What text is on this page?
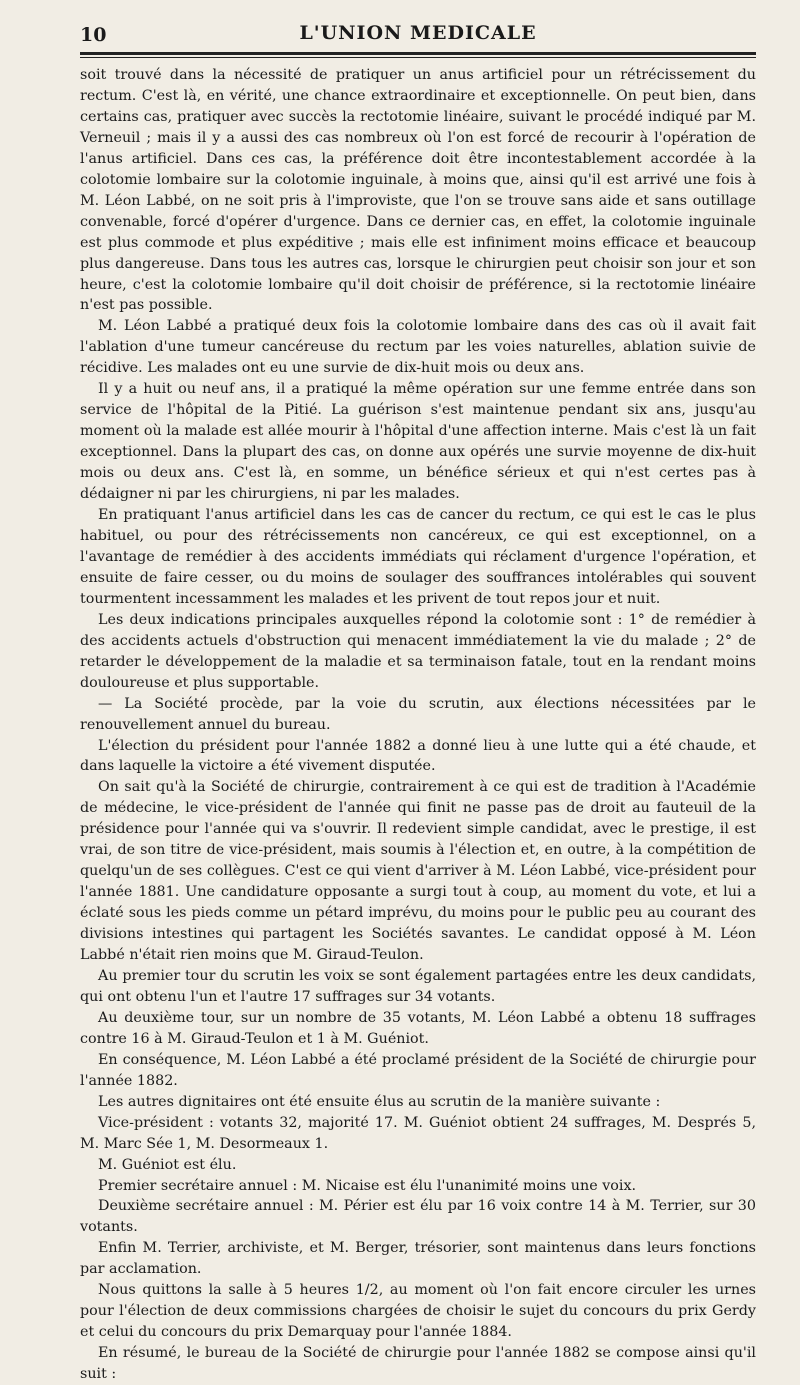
10	L'UNION MEDICALE

soit trouvé dans la nécessité de pratiquer un anus artificiel pour un rétrécissement du rectum. C'est là, en vérité, une chance extraordinaire et exceptionnelle. On peut bien, dans certains cas, pratiquer avec succès la rectotomie linéaire, suivant le procédé indiqué par M. Verneuil ; mais il y a aussi des cas nombreux où l'on est forcé de recourir à l'opération de l'anus artificiel. Dans ces cas, la préférence doit être incontestablement accordée à la colotomie lombaire sur la colotomie inguinale, à moins que, ainsi qu'il est arrivé une fois à M. Léon Labbé, on ne soit pris à l'improviste, que l'on se trouve sans aide et sans outillage convenable, forcé d'opérer d'urgence. Dans ce dernier cas, en effet, la colotomie inguinale est plus commode et plus expéditive ; mais elle est infiniment moins efficace et beaucoup plus dangereuse. Dans tous les autres cas, lorsque le chirurgien peut choisir son jour et son heure, c'est la colotomie lombaire qu'il doit choisir de préférence, si la rectotomie linéaire n'est pas possible.

M. Léon Labbé a pratiqué deux fois la colotomie lombaire dans des cas où il avait fait l'ablation d'une tumeur cancéreuse du rectum par les voies naturelles, ablation suivie de récidive. Les malades ont eu une survie de dix-huit mois ou deux ans.

Il y a huit ou neuf ans, il a pratiqué la même opération sur une femme entrée dans son service de l'hôpital de la Pitié. La guérison s'est maintenue pendant six ans, jusqu'au moment où la malade est allée mourir à l'hôpital d'une affection interne. Mais c'est là un fait exceptionnel. Dans la plupart des cas, on donne aux opérés une survie moyenne de dix-huit mois ou deux ans. C'est là, en somme, un bénéfice sérieux et qui n'est certes pas à dédaigner ni par les chirurgiens, ni par les malades.

En pratiquant l'anus artificiel dans les cas de cancer du rectum, ce qui est le cas le plus habituel, ou pour des rétrécissements non cancéreux, ce qui est exceptionnel, on a l'avantage de remédier à des accidents immédiats qui réclament d'urgence l'opération, et ensuite de faire cesser, ou du moins de soulager des souffrances intolérables qui souvent tourmentent incessamment les malades et les privent de tout repos jour et nuit.

Les deux indications principales auxquelles répond la colotomie sont : 1° de remédier à des accidents actuels d'obstruction qui menacent immédiatement la vie du malade ; 2° de retarder le développement de la maladie et sa terminaison fatale, tout en la rendant moins douloureuse et plus supportable.

— La Société procède, par la voie du scrutin, aux élections nécessitées par le renouvellement annuel du bureau.

L'élection du président pour l'année 1882 a donné lieu à une lutte qui a été chaude, et dans laquelle la victoire a été vivement disputée.

On sait qu'à la Société de chirurgie, contrairement à ce qui est de tradition à l'Académie de médecine, le vice-président de l'année qui finit ne passe pas de droit au fauteuil de la présidence pour l'année qui va s'ouvrir. Il redevient simple candidat, avec le prestige, il est vrai, de son titre de vice-président, mais soumis à l'élection et, en outre, à la compétition de quelqu'un de ses collègues. C'est ce qui vient d'arriver à M. Léon Labbé, vice-président pour l'année 1881. Une candidature opposante a surgi tout à coup, au moment du vote, et lui a éclaté sous les pieds comme un pétard imprévu, du moins pour le public peu au courant des divisions intestines qui partagent les Sociétés savantes. Le candidat opposé à M. Léon Labbé n'était rien moins que M. Giraud-Teulon.

Au premier tour du scrutin les voix se sont également partagées entre les deux candidats, qui ont obtenu l'un et l'autre 17 suffrages sur 34 votants.

Au deuxième tour, sur un nombre de 35 votants, M. Léon Labbé a obtenu 18 suffrages contre 16 à M. Giraud-Teulon et 1 à M. Guéniot.

En conséquence, M. Léon Labbé a été proclamé président de la Société de chirurgie pour l'année 1882.

Les autres dignitaires ont été ensuite élus au scrutin de la manière suivante :

Vice-président : votants 32, majorité 17. M. Guéniot obtient 24 suffrages, M. Després 5, M. Marc Sée 1, M. Desormeaux 1.

M. Guéniot est élu.

Premier secrétaire annuel : M. Nicaise est élu l'unanimité moins une voix.

Deuxième secrétaire annuel : M. Périer est élu par 16 voix contre 14 à M. Terrier, sur 30 votants.

Enfin M. Terrier, archiviste, et M. Berger, trésorier, sont maintenus dans leurs fonctions par acclamation.

Nous quittons la salle à 5 heures 1/2, au moment où l'on fait encore circuler les urnes pour l'élection de deux commissions chargées de choisir le sujet du concours du prix Gerdy et celui du concours du prix Demarquay pour l'année 1884.

En résumé, le bureau de la Société de chirurgie pour l'année 1882 se compose ainsi qu'il suit :
